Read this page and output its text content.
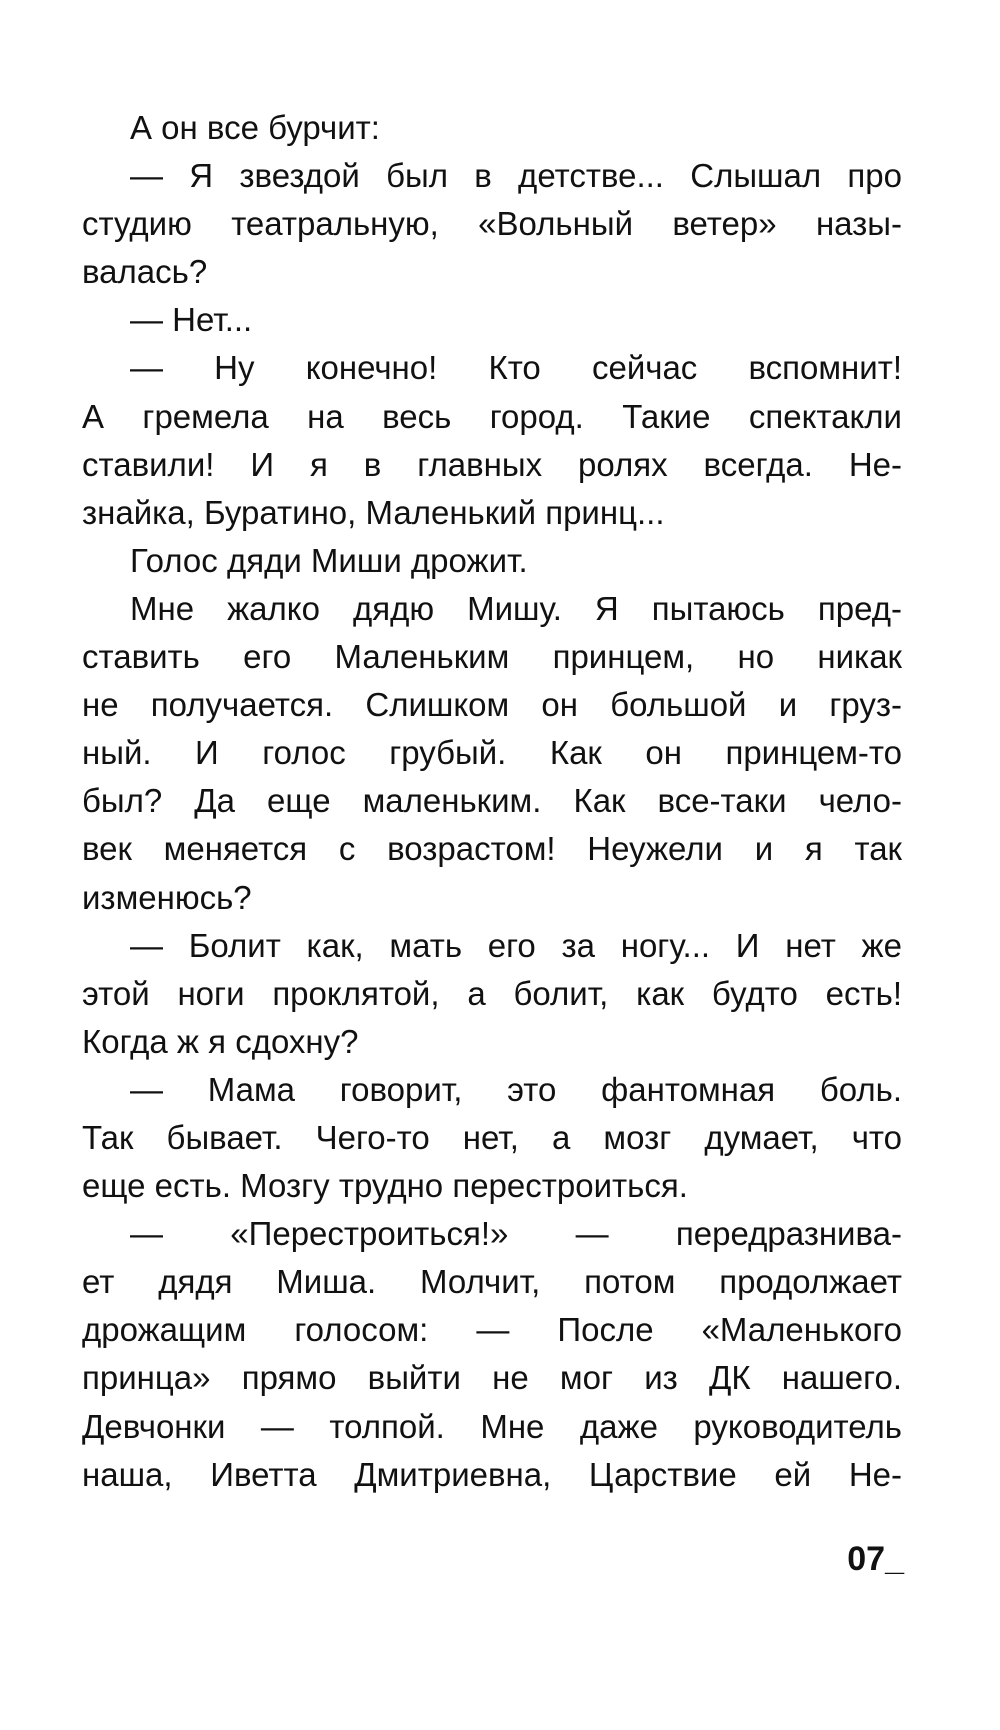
А он все бурчит:
— Я звездой был в детстве... Слышал про
студию театральную, «Вольный ветер» назы-
валась?
— Нет...
— Ну конечно! Кто сейчас вспомнит!
А гремела на весь город. Такие спектакли
ставили! И я в главных ролях всегда. Не-
знайка, Буратино, Маленький принц...
Голос дяди Миши дрожит.
Мне жалко дядю Мишу. Я пытаюсь пред-
ставить его Маленьким принцем, но никак
не получается. Слишком он большой и груз-
ный. И голос грубый. Как он принцем-то
был? Да еще маленьким. Как все-таки чело-
век меняется с возрастом! Неужели и я так
изменюсь?
— Болит как, мать его за ногу... И нет же
этой ноги проклятой, а болит, как будто есть!
Когда ж я сдохну?
— Мама говорит, это фантомная боль.
Так бывает. Чего-то нет, а мозг думает, что
еще есть. Мозгу трудно перестроиться.
— «Перестроиться!» — передразнива-
ет дядя Миша. Молчит, потом продолжает
дрожащим голосом: — После «Маленького
принца» прямо выйти не мог из ДК нашего.
Девчонки — толпой. Мне даже руководитель
наша, Иветта Дмитриевна, Царствие ей Не-
07_
